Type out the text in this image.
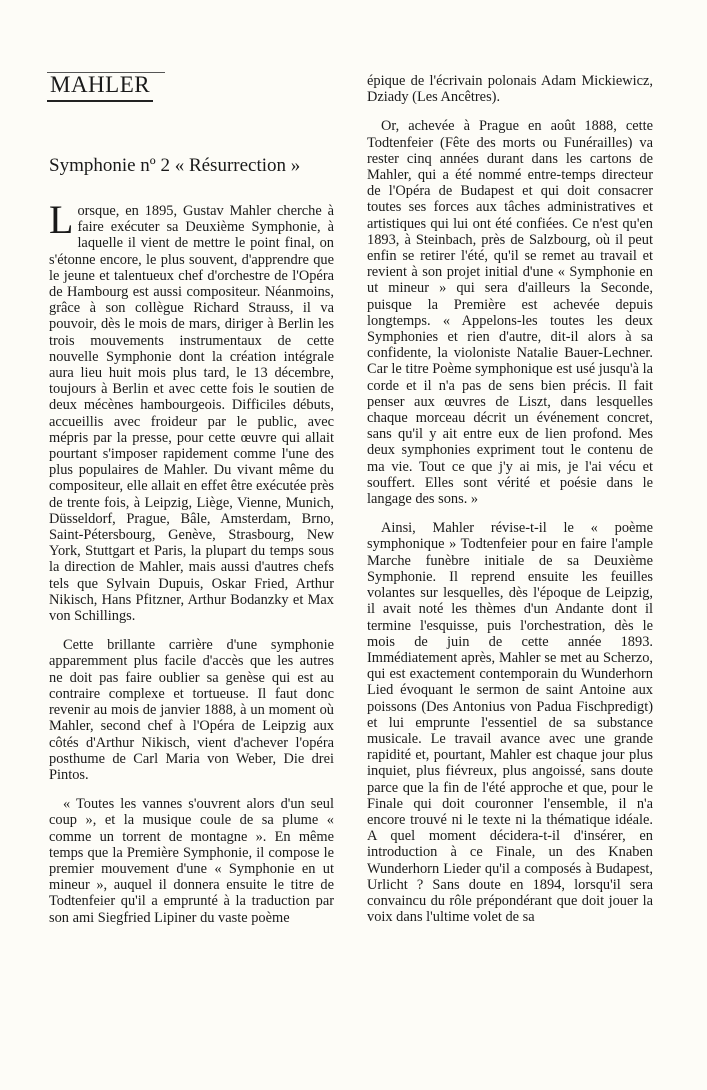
MAHLER
Symphonie nº 2 « Résurrection »

Lorsque, en 1895, Gustav Mahler cherche à faire exécuter sa Deuxième Symphonie, à laquelle il vient de mettre le point final, on s'étonne encore, le plus souvent, d'apprendre que le jeune et talentueux chef d'orchestre de l'Opéra de Hambourg est aussi compositeur. Néanmoins, grâce à son collègue Richard Strauss, il va pouvoir, dès le mois de mars, diriger à Berlin les trois mouvements instrumentaux de cette nouvelle Symphonie dont la création intégrale aura lieu huit mois plus tard, le 13 décembre, toujours à Berlin et avec cette fois le soutien de deux mécènes hambourgeois. Difficiles débuts, accueillis avec froideur par le public, avec mépris par la presse, pour cette œuvre qui allait pourtant s'imposer rapidement comme l'une des plus populaires de Mahler. Du vivant même du compositeur, elle allait en effet être exécutée près de trente fois, à Leipzig, Liège, Vienne, Munich, Düsseldorf, Prague, Bâle, Amsterdam, Brno, Saint-Pétersbourg, Genève, Strasbourg, New York, Stuttgart et Paris, la plupart du temps sous la direction de Mahler, mais aussi d'autres chefs tels que Sylvain Dupuis, Oskar Fried, Arthur Nikisch, Hans Pfitzner, Arthur Bodanzky et Max von Schillings.

Cette brillante carrière d'une symphonie apparemment plus facile d'accès que les autres ne doit pas faire oublier sa genèse qui est au contraire complexe et tortueuse. Il faut donc revenir au mois de janvier 1888, à un moment où Mahler, second chef à l'Opéra de Leipzig aux côtés d'Arthur Nikisch, vient d'achever l'opéra posthume de Carl Maria von Weber, Die drei Pintos.

« Toutes les vannes s'ouvrent alors d'un seul coup », et la musique coule de sa plume « comme un torrent de montagne ». En même temps que la Première Symphonie, il compose le premier mouvement d'une « Symphonie en ut mineur », auquel il donnera ensuite le titre de Todtenfeier qu'il a emprunté à la traduction par son ami Siegfried Lipiner du vaste poème

épique de l'écrivain polonais Adam Mickiewicz, Dziady (Les Ancêtres).

Or, achevée à Prague en août 1888, cette Todtenfeier (Fête des morts ou Funérailles) va rester cinq années durant dans les cartons de Mahler, qui a été nommé entre-temps directeur de l'Opéra de Budapest et qui doit consacrer toutes ses forces aux tâches administratives et artistiques qui lui ont été confiées. Ce n'est qu'en 1893, à Steinbach, près de Salzbourg, où il peut enfin se retirer l'été, qu'il se remet au travail et revient à son projet initial d'une « Symphonie en ut mineur » qui sera d'ailleurs la Seconde, puisque la Première est achevée depuis longtemps. « Appelons-les toutes les deux Symphonies et rien d'autre, dit-il alors à sa confidente, la violoniste Natalie Bauer-Lechner. Car le titre Poème symphonique est usé jusqu'à la corde et il n'a pas de sens bien précis. Il fait penser aux œuvres de Liszt, dans lesquelles chaque morceau décrit un événement concret, sans qu'il y ait entre eux de lien profond. Mes deux symphonies expriment tout le contenu de ma vie. Tout ce que j'y ai mis, je l'ai vécu et souffert. Elles sont vérité et poésie dans le langage des sons. »

Ainsi, Mahler révise-t-il le « poème symphonique » Todtenfeier pour en faire l'ample Marche funèbre initiale de sa Deuxième Symphonie. Il reprend ensuite les feuilles volantes sur lesquelles, dès l'époque de Leipzig, il avait noté les thèmes d'un Andante dont il termine l'esquisse, puis l'orchestration, dès le mois de juin de cette année 1893. Immédiatement après, Mahler se met au Scherzo, qui est exactement contemporain du Wunderhorn Lied évoquant le sermon de saint Antoine aux poissons (Des Antonius von Padua Fischpredigt) et lui emprunte l'essentiel de sa substance musicale. Le travail avance avec une grande rapidité et, pourtant, Mahler est chaque jour plus inquiet, plus fiévreux, plus angoissé, sans doute parce que la fin de l'été approche et que, pour le Finale qui doit couronner l'ensemble, il n'a encore trouvé ni le texte ni la thématique idéale. A quel moment décidera-t-il d'insérer, en introduction à ce Finale, un des Knaben Wunderhorn Lieder qu'il a composés à Budapest, Urlicht ? Sans doute en 1894, lorsqu'il sera convaincu du rôle prépondérant que doit jouer la voix dans l'ultime volet de sa
